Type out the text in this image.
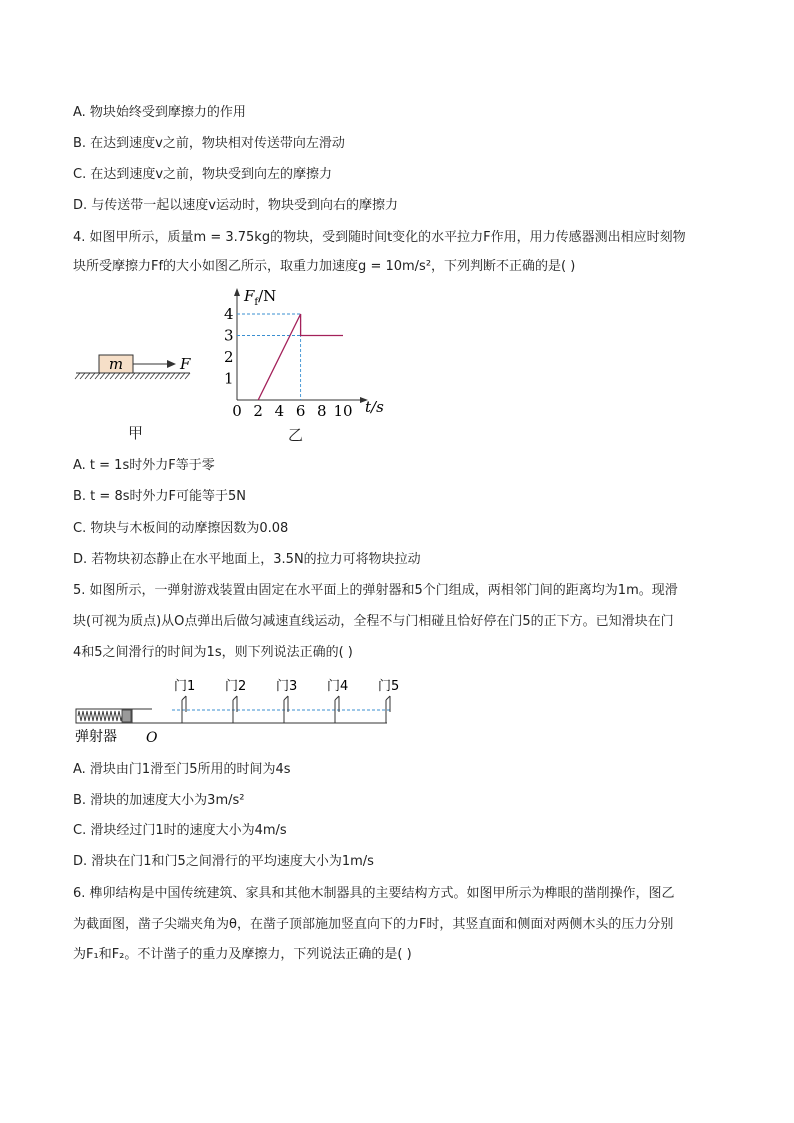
A. 物块始终受到摩擦力的作用
B. 在达到速度v之前，物块相对传送带向左滑动
C. 在达到速度v之前，物块受到向左的摩擦力
D. 与传送带一起以速度v运动时，物块受到向右的摩擦力
4. 如图甲所示，质量m = 3.75kg的物块，受到随时间t变化的水平拉力F作用，用力传感器测出相应时刻物
块所受摩擦力Ff的大小如图乙所示，取重力加速度g = 10m/s²，下列判断不正确的是( )
m	F
甲
$F_f/N$
t/s
1
2
3
4
0 2 4 6 8 10
乙
A. t = 1s时外力F等于零
B. t = 8s时外力F可能等于5N
C. 物块与木板间的动摩擦因数为0.08
D. 若物块初态静止在水平地面上，3.5N的拉力可将物块拉动
5. 如图所示，一弹射游戏装置由固定在水平面上的弹射器和5个门组成，两相邻门间的距离均为1m。现滑
块(可视为质点)从O点弹出后做匀减速直线运动，全程不与门相碰且恰好停在门5的正下方。已知滑块在门
4和5之间滑行的时间为1s，则下列说法正确的( )
弹射器 O
门1 门2 门3 门4 门5
A. 滑块由门1滑至门5所用的时间为4s
B. 滑块的加速度大小为3m/s²
C. 滑块经过门1时的速度大小为4m/s
D. 滑块在门1和门5之间滑行的平均速度大小为1m/s
6. 榫卯结构是中国传统建筑、家具和其他木制器具的主要结构方式。如图甲所示为榫眼的凿削操作，图乙
为截面图，凿子尖端夹角为θ，在凿子顶部施加竖直向下的力F时，其竖直面和侧面对两侧木头的压力分别
为F₁和F₂。不计凿子的重力及摩擦力，下列说法正确的是( )
